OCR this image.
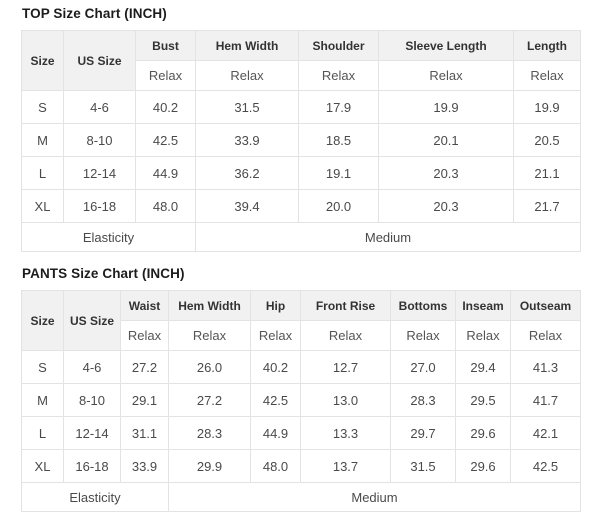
TOP Size Chart (INCH)
Size	US Size	Bust	Hem Width	Shoulder	Sleeve Length	Length
		Relax	Relax	Relax	Relax	Relax
S	4-6	40.2	31.5	17.9	19.9	19.9
M	8-10	42.5	33.9	18.5	20.1	20.5
L	12-14	44.9	36.2	19.1	20.3	21.1
XL	16-18	48.0	39.4	20.0	20.3	21.7
Elasticity			Medium			
PANTS Size Chart (INCH)
Size	US Size	Waist	Hem Width	Hip	Front Rise	Bottoms	Inseam	Outseam
		Relax	Relax	Relax	Relax	Relax	Relax	Relax
S	4-6	27.2	26.0	40.2	12.7	27.0	29.4	41.3
M	8-10	29.1	27.2	42.5	13.0	28.3	29.5	41.7
L	12-14	31.1	28.3	44.9	13.3	29.7	29.6	42.1
XL	16-18	33.9	29.9	48.0	13.7	31.5	29.6	42.5
Elasticity			Medium					
